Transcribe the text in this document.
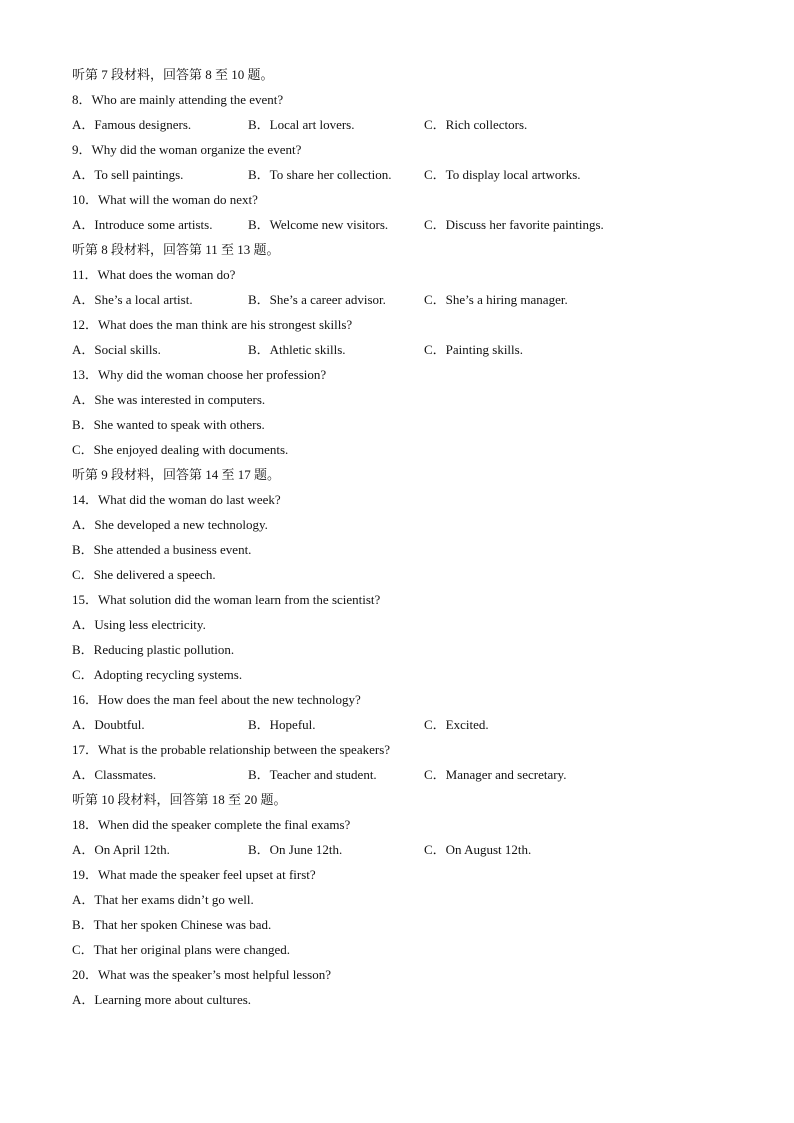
听第 7 段材料，回答第 8 至 10 题。
8．Who are mainly attending the event?
A．Famous designers.	B．Local art lovers.	C．Rich collectors.
9．Why did the woman organize the event?
A．To sell paintings.	B．To share her collection.	C．To display local artworks.
10．What will the woman do next?
A．Introduce some artists.	B．Welcome new visitors.	C．Discuss her favorite paintings.
听第 8 段材料，回答第 11 至 13 题。
11．What does the woman do?
A．She’s a local artist.	B．She’s a career advisor.	C．She’s a hiring manager.
12．What does the man think are his strongest skills?
A．Social skills.	B．Athletic skills.	C．Painting skills.
13．Why did the woman choose her profession?
A．She was interested in computers.
B．She wanted to speak with others.
C．She enjoyed dealing with documents.
听第 9 段材料，回答第 14 至 17 题。
14．What did the woman do last week?
A．She developed a new technology.
B．She attended a business event.
C．She delivered a speech.
15．What solution did the woman learn from the scientist?
A．Using less electricity.
B．Reducing plastic pollution.
C．Adopting recycling systems.
16．How does the man feel about the new technology?
A．Doubtful.	B．Hopeful.	C．Excited.
17．What is the probable relationship between the speakers?
A．Classmates.	B．Teacher and student.	C．Manager and secretary.
听第 10 段材料，回答第 18 至 20 题。
18．When did the speaker complete the final exams?
A．On April 12th.	B．On June 12th.	C．On August 12th.
19．What made the speaker feel upset at first?
A．That her exams didn’t go well.
B．That her spoken Chinese was bad.
C．That her original plans were changed.
20．What was the speaker’s most helpful lesson?
A．Learning more about cultures.
